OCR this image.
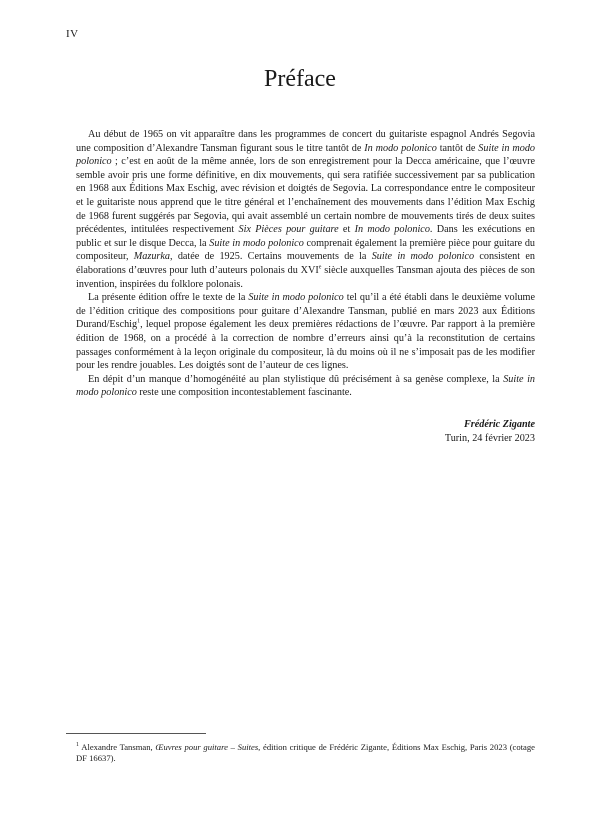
IV
Préface

Au début de 1965 on vit apparaître dans les programmes de concert du guitariste espagnol Andrés Segovia une composition d’Alexandre Tansman figurant sous le titre tantôt de In modo polonico tantôt de Suite in modo polonico ; c’est en août de la même année, lors de son enregistrement pour la Decca américaine, que l’œuvre semble avoir pris une forme définitive, en dix mouvements, qui sera ratifiée successivement par sa publication en 1968 aux Éditions Max Eschig, avec révision et doigtés de Segovia. La correspondance entre le compositeur et le guitariste nous apprend que le titre général et l’enchaînement des mouvements dans l’édition Max Eschig de 1968 furent suggérés par Segovia, qui avait assemblé un certain nombre de mouvements tirés de deux suites précédentes, intitulées respectivement Six Pièces pour guitare et In modo polonico. Dans les exécutions en public et sur le disque Decca, la Suite in modo polonico comprenait également la première pièce pour guitare du compositeur, Mazurka, datée de 1925. Certains mouvements de la Suite in modo polonico consistent en élaborations d’œuvres pour luth d’auteurs polonais du XVIe siècle auxquelles Tansman ajouta des pièces de son invention, inspirées du folklore polonais.

La présente édition offre le texte de la Suite in modo polonico tel qu’il a été établi dans le deuxième volume de l’édition critique des compositions pour guitare d’Alexandre Tansman, publié en mars 2023 aux Éditions Durand/Eschig$^1$, lequel propose également les deux premières rédactions de l’œuvre. Par rapport à la première édition de 1968, on a procédé à la correction de nombre d’erreurs ainsi qu’à la reconstitution de certains passages conformément à la leçon originale du compositeur, là du moins où il ne s’imposait pas de les modifier pour les rendre jouables. Les doigtés sont de l’auteur de ces lignes.

En dépit d’un manque d’homogénéité au plan stylistique dû précisément à sa genèse complexe, la Suite in modo polonico reste une composition incontestablement fascinante.

Frédéric Zigante
Turin, 24 février 2023
$^1$ Alexandre Tansman, Œuvres pour guitare – Suites, édition critique de Frédéric Zigante, Éditions Max Eschig, Paris 2023 (cotage DF 16637).
